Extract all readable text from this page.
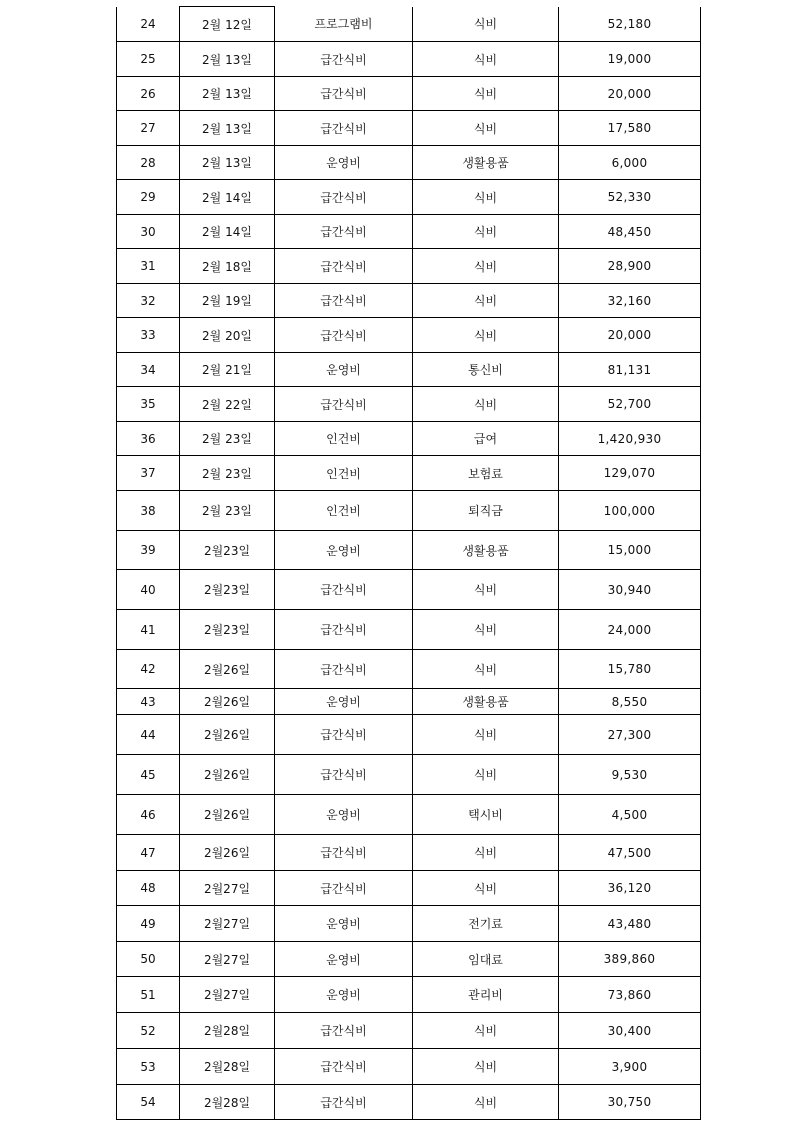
24	2월 12일	프로그램비	식비	52,180
25	2월 13일	급간식비	식비	19,000
26	2월 13일	급간식비	식비	20,000
27	2월 13일	급간식비	식비	17,580
28	2월 13일	운영비	생활용품	6,000
29	2월 14일	급간식비	식비	52,330
30	2월 14일	급간식비	식비	48,450
31	2월 18일	급간식비	식비	28,900
32	2월 19일	급간식비	식비	32,160
33	2월 20일	급간식비	식비	20,000
34	2월 21일	운영비	통신비	81,131
35	2월 22일	급간식비	식비	52,700
36	2월 23일	인건비	급여	1,420,930
37	2월 23일	인건비	보험료	129,070
38	2월 23일	인건비	퇴직금	100,000
39	2월23일	운영비	생활용품	15,000
40	2월23일	급간식비	식비	30,940
41	2월23일	급간식비	식비	24,000
42	2월26일	급간식비	식비	15,780
43	2월26일	운영비	생활용품	8,550
44	2월26일	급간식비	식비	27,300
45	2월26일	급간식비	식비	9,530
46	2월26일	운영비	택시비	4,500
47	2월26일	급간식비	식비	47,500
48	2월27일	급간식비	식비	36,120
49	2월27일	운영비	전기료	43,480
50	2월27일	운영비	임대료	389,860
51	2월27일	운영비	관리비	73,860
52	2월28일	급간식비	식비	30,400
53	2월28일	급간식비	식비	3,900
54	2월28일	급간식비	식비	30,750
